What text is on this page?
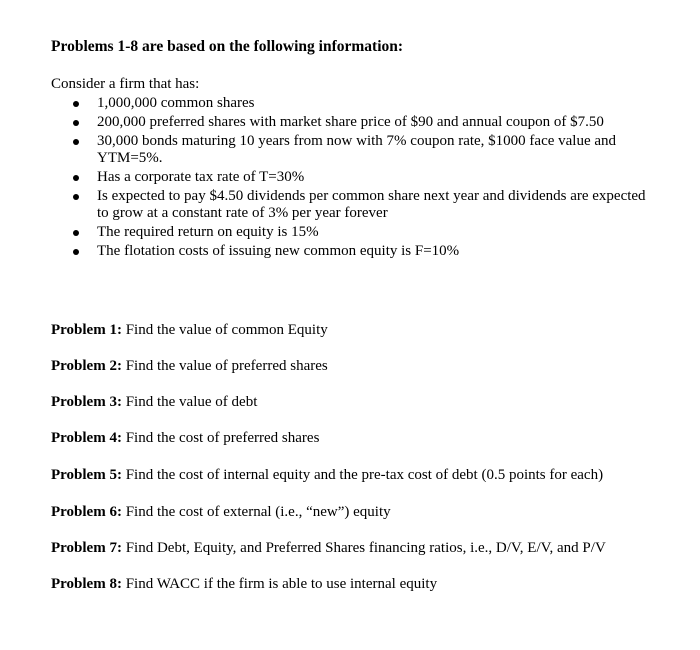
Problems 1-8 are based on the following information:

Consider a firm that has:

1,000,000 common shares
200,000 preferred shares with market share price of $90 and annual coupon of $7.50
30,000 bonds maturing 10 years from now with 7% coupon rate, $1000 face value and YTM=5%.
Has a corporate tax rate of T=30%
Is expected to pay $4.50 dividends per common share next year and dividends are expected to grow at a constant rate of 3% per year forever
The required return on equity is 15%
The flotation costs of issuing new common equity is F=10%

Problem 1: Find the value of common Equity

Problem 2: Find the value of preferred shares

Problem 3: Find the value of debt

Problem 4: Find the cost of preferred shares

Problem 5: Find the cost of internal equity and the pre-tax cost of debt (0.5 points for each)

Problem 6: Find the cost of external (i.e., “new”) equity

Problem 7: Find Debt, Equity, and Preferred Shares financing ratios, i.e., D/V, E/V, and P/V

Problem 8: Find WACC if the firm is able to use internal equity
